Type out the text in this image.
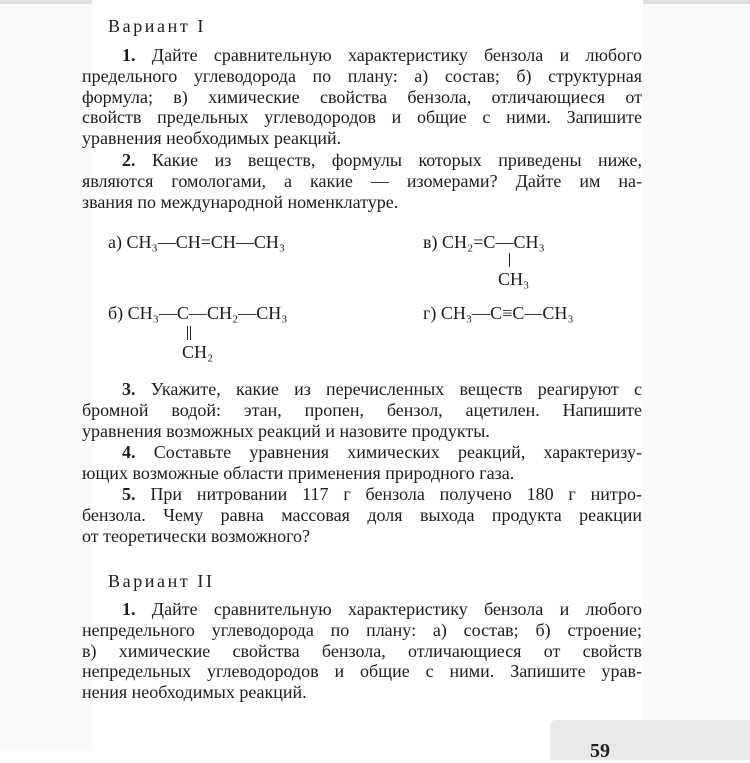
Вариант I
1. Дайте сравнительную характеристику бензола и любого
предельного углеводорода по плану: а) состав; б) структурная
формула; в) химические свойства бензола, отличающиеся от
свойств предельных углеводородов и общие с ними. Запишите
уравнения необходимых реакций.
2. Какие из веществ, формулы которых приведены ниже,
являются гомологами, а какие — изомерами? Дайте им на-
звания по международной номенклатуре.
а) CH₃—CH=CH—CH₃	в) CH₂=C—CH₃
CH₃
б) CH₃—C—CH₂—CH₃
CH₂
г) CH₃—C≡C—CH₃
3. Укажите, какие из перечисленных веществ реагируют с
бромной водой: этан, пропен, бензол, ацетилен. Напишите
уравнения возможных реакций и назовите продукты.
4. Составьте уравнения химических реакций, характеризу-
ющих возможные области применения природного газа.
5. При нитровании 117 г бензола получено 180 г нитро-
бензола. Чему равна массовая доля выхода продукта реакции
от теоретически возможного?
Вариант II
1. Дайте сравнительную характеристику бензола и любого
непредельного углеводорода по плану: а) состав; б) строение;
в) химические свойства бензола, отличающиеся от свойств
непредельных углеводородов и общие с ними. Запишите урав-
нения необходимых реакций.
59
